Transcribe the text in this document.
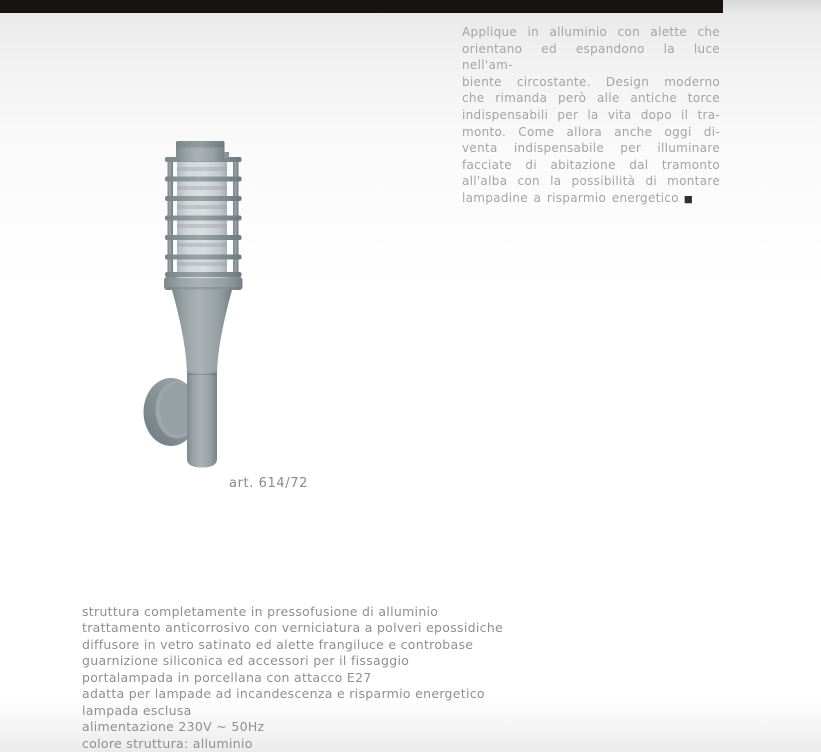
art. 614/72
Applique in alluminio con alette che
orientano ed espandono la luce nell'am-
biente circostante. Design moderno
che rimanda però alle antiche torce
indispensabili per la vita dopo il tra-
monto. Come allora anche oggi di-
venta indispensabile per illuminare
facciate di abitazione dal tramonto
all'alba con la possibilità di montare
lampadine a risparmio energetico ■
struttura completamente in pressofusione di alluminio
trattamento anticorrosivo con verniciatura a polveri epossidiche
diffusore in vetro satinato ed alette frangiluce e controbase
guarnizione siliconica ed accessori per il fissaggio
portalampada in porcellana con attacco E27
adatta per lampade ad incandescenza e risparmio energetico
lampada esclusa
alimentazione 230V ~ 50Hz
colore struttura: alluminio
